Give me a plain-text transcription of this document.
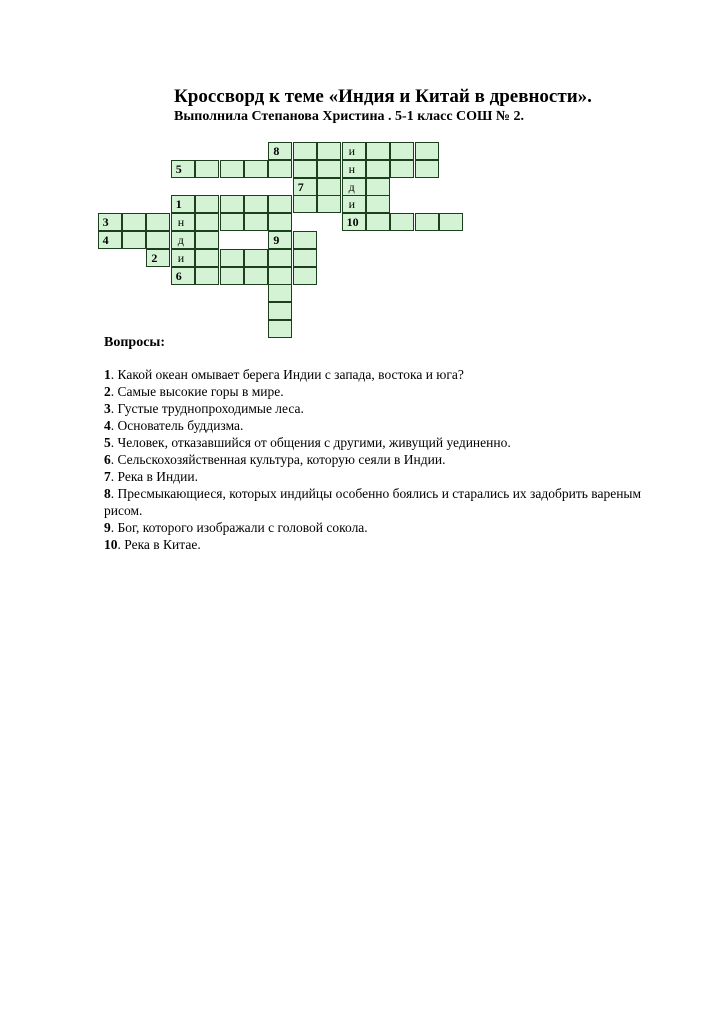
Кроссворд к теме «Индия и Китай в древности».
Выполнила Степанова Христина . 5-1 класс СОШ № 2.
8	и
5	н
7	д
1	и
3	н	10
4	д	9
2 и
6
Вопросы:

1. Какой океан омывает берега Индии с запада, востока и юга?

2. Самые высокие горы в мире.

3. Густые труднопроходимые леса.

4. Основатель буддизма.

5. Человек, отказавшийся от общения с другими, живущий уединенно.

6. Сельскохозяйственная культура, которую сеяли в Индии.

7. Река в Индии.

8. Пресмыкающиеся, которых индийцы особенно боялись и старались их задобрить вареным рисом.

9. Бог, которого изображали с головой сокола.

10. Река в Китае.
